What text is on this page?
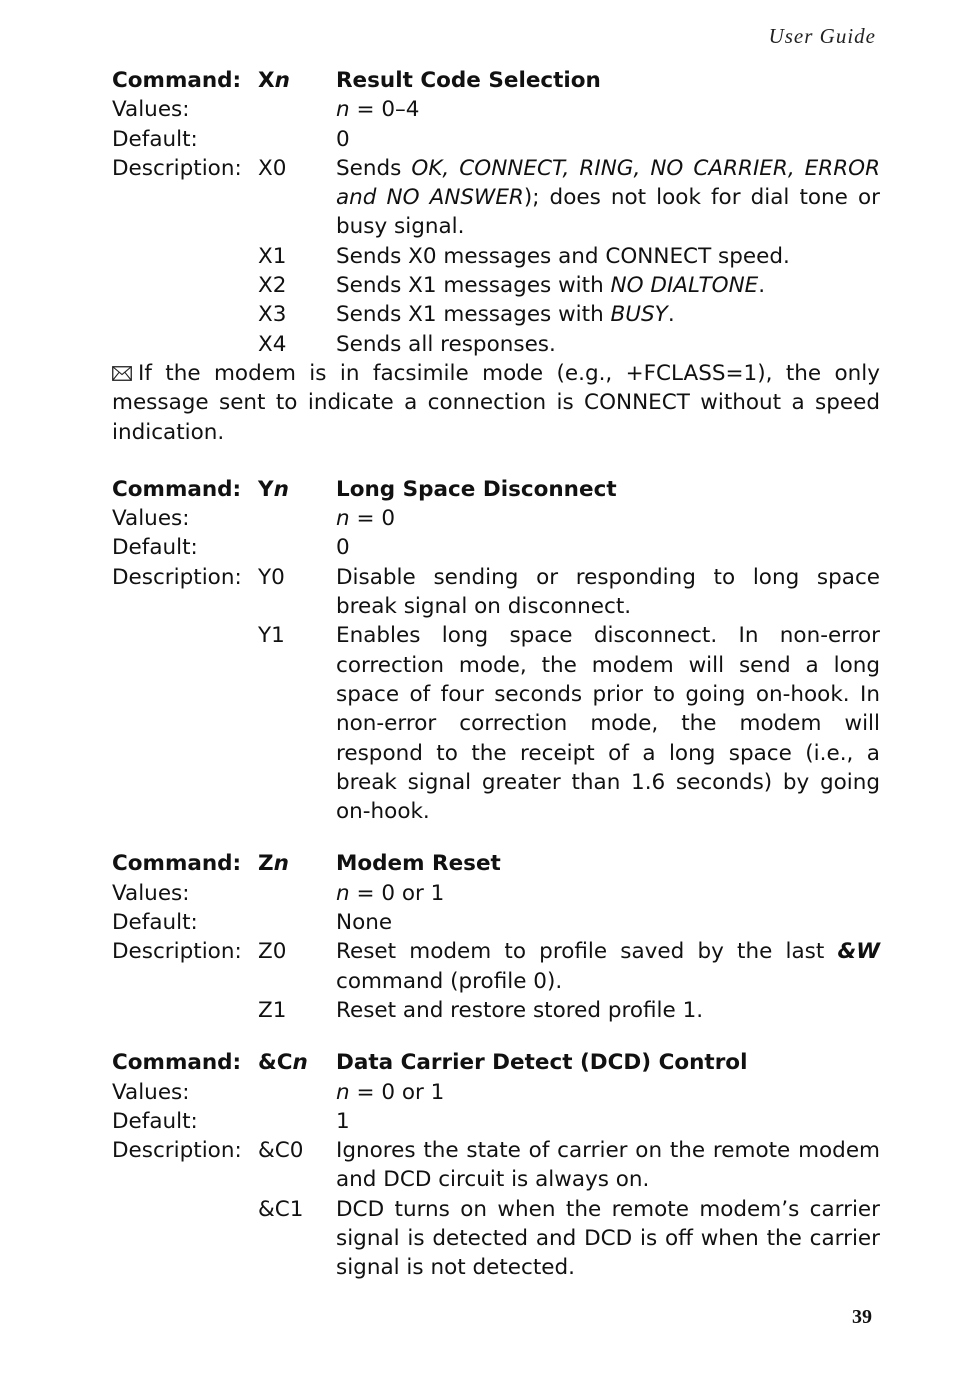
User Guide
Command: Xn	Result Code Selection
Values:	n = 0–4
Default:	0
Description: X0	Sends OK, CONNECT, RING, NO CARRIER, ERROR and NO ANSWER); does not look for dial tone or busy signal.
X1	Sends X0 messages and CONNECT speed.
X2	Sends X1 messages with NO DIALTONE.
X3	Sends X1 messages with BUSY.
X4	Sends all responses.
If the modem is in facsimile mode (e.g., +FCLASS=1), the only message sent to indicate a connection is CONNECT without a speed indication.
Command: Yn	Long Space Disconnect
Values:	n = 0
Default:	0
Description: Y0	Disable sending or responding to long space break signal on disconnect.
Y1	Enables long space disconnect. In non-error correction mode, the modem will send a long space of four seconds prior to going on-hook. In non-error correction mode, the modem will respond to the receipt of a long space (i.e., a break signal greater than 1.6 seconds) by going on-hook.
Command: Zn	Modem Reset
Values:	n = 0 or 1
Default:	None
Description: Z0	Reset modem to profile saved by the last &W command (profile 0).
Z1	Reset and restore stored profile 1.
Command: &Cn	Data Carrier Detect (DCD) Control
Values:	n = 0 or 1
Default:	1
Description: &C0	Ignores the state of carrier on the remote modem and DCD circuit is always on.
&C1	DCD turns on when the remote modem’s carrier signal is detected and DCD is off when the carrier signal is not detected.
39
